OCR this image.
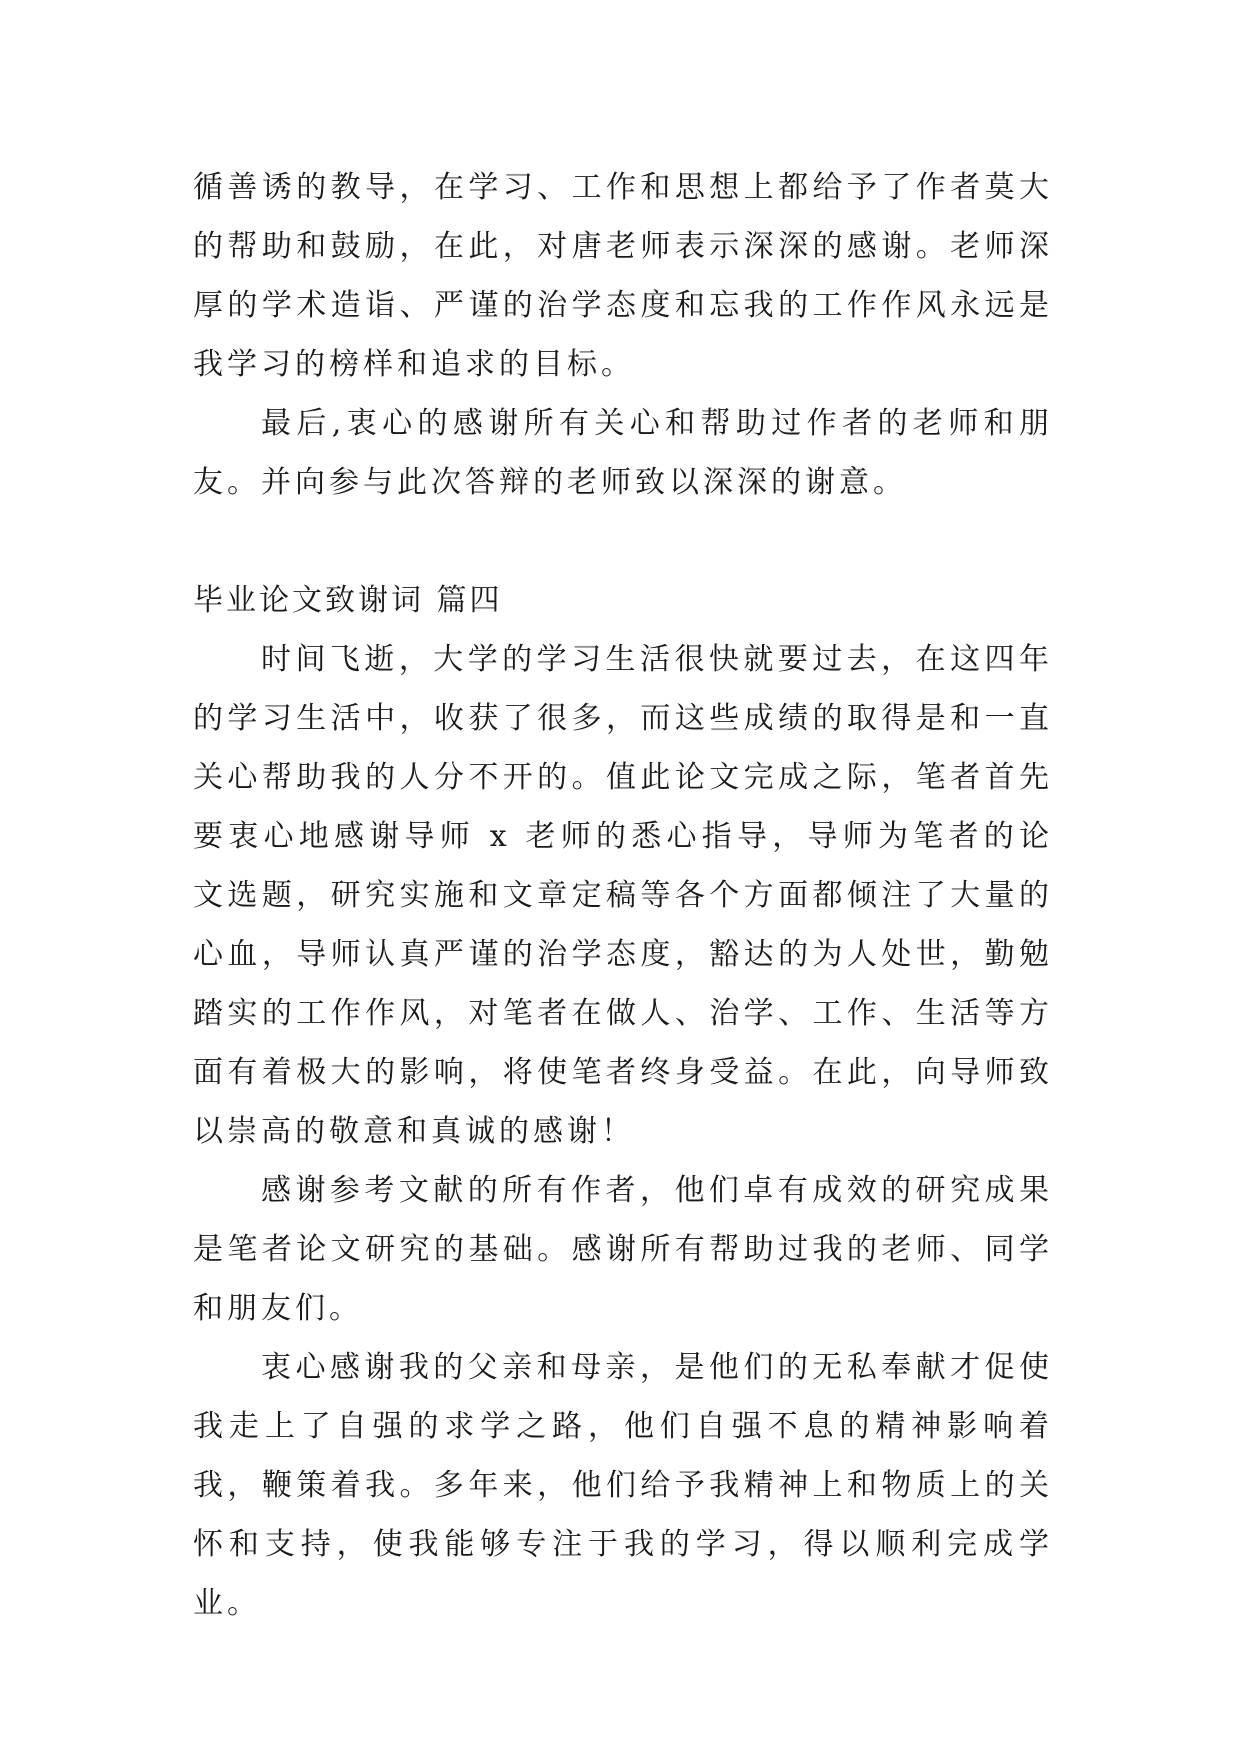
循善诱的教导，在学习、工作和思想上都给予了作者莫大的帮助和鼓励，在此，对唐老师表示深深的感谢。老师深厚的学术造诣、严谨的治学态度和忘我的工作作风永远是我学习的榜样和追求的目标。

最后,衷心的感谢所有关心和帮助过作者的老师和朋友。并向参与此次答辩的老师致以深深的谢意。

毕业论文致谢词 篇四

时间飞逝，大学的学习生活很快就要过去，在这四年的学习生活中，收获了很多，而这些成绩的取得是和一直关心帮助我的人分不开的。值此论文完成之际，笔者首先要衷心地感谢导师 x 老师的悉心指导，导师为笔者的论文选题，研究实施和文章定稿等各个方面都倾注了大量的心血，导师认真严谨的治学态度，豁达的为人处世，勤勉踏实的工作作风，对笔者在做人、治学、工作、生活等方面有着极大的影响，将使笔者终身受益。在此，向导师致以崇高的敬意和真诚的感谢！

感谢参考文献的所有作者，他们卓有成效的研究成果是笔者论文研究的基础。感谢所有帮助过我的老师、同学和朋友们。

衷心感谢我的父亲和母亲，是他们的无私奉献才促使我走上了自强的求学之路，他们自强不息的精神影响着我，鞭策着我。多年来，他们给予我精神上和物质上的关怀和支持，使我能够专注于我的学习，得以顺利完成学业。
